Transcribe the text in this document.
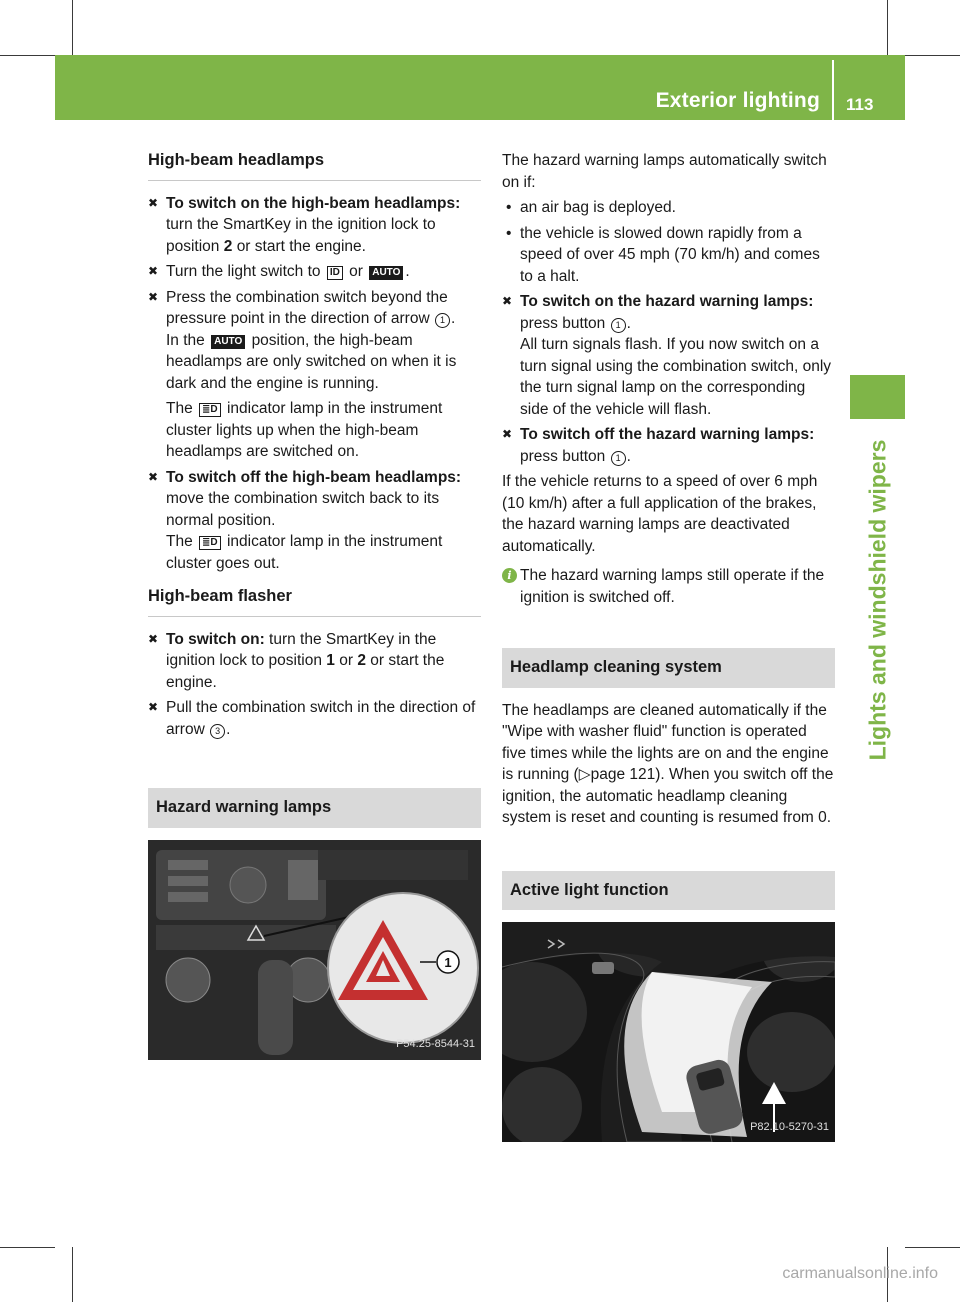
Exterior lighting 113
Lights and windshield wipers
High-beam headlamps
✖ To switch on the high-beam headlamps: turn the SmartKey in the ignition lock to position 2 or start the engine.
✖ Turn the light switch to ID or AUTO .
✖ Press the combination switch beyond the pressure point in the direction of arrow 1 .
In the AUTO position, the high-beam headlamps are only switched on when it is dark and the engine is running.
The ≣D indicator lamp in the instrument cluster lights up when the high-beam headlamps are switched on.
✖ To switch off the high-beam headlamps: move the combination switch back to its normal position.
The ≣D indicator lamp in the instrument cluster goes out.
High-beam flasher
✖ To switch on: turn the SmartKey in the ignition lock to position 1 or 2 or start the engine.
✖ Pull the combination switch in the direction of arrow 3 .
Hazard warning lamps
1
P54.25-8544-31

The hazard warning lamps automatically switch on if:

• an air bag is deployed.
• the vehicle is slowed down rapidly from a speed of over 45 mph (70 km/h) and comes to a halt.
✖ To switch on the hazard warning lamps: press button 1 .
All turn signals flash. If you now switch on a turn signal using the combination switch, only the turn signal lamp on the corresponding side of the vehicle will flash.
✖ To switch off the hazard warning lamps: press button 1 .

If the vehicle returns to a speed of over 6 mph (10 km/h) after a full application of the brakes, the hazard warning lamps are deactivated automatically.

i The hazard warning lamps still operate if the ignition is switched off.
Headlamp cleaning system

The headlamps are cleaned automatically if the "Wipe with washer fluid" function is operated five times while the lights are on and the engine is running (▷page 121). When you switch off the ignition, the automatic headlamp cleaning system is reset and counting is resumed from 0.

Active light function
P82.10-5270-31
carmanualsonline.info
